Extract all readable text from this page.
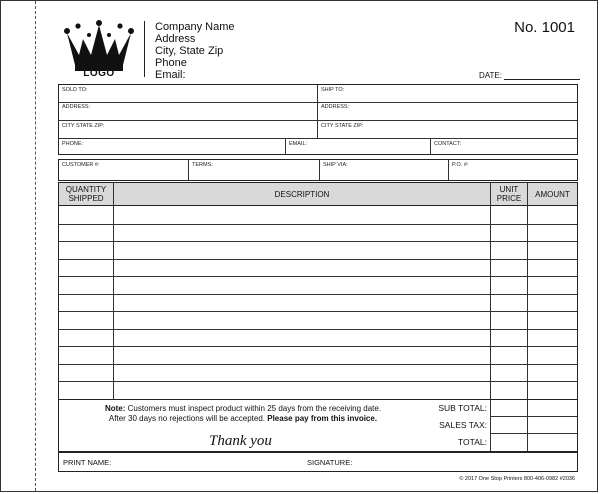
LOGO
Company Name
Address
City, State Zip
Phone
Email:
No. 1001
DATE:
SOLD TO:	SHIP TO:
ADDRESS:	ADDRESS:
CITY STATE ZIP:	CITY STATE ZIP:
PHONE:	EMAIL:	CONTACT:
CUSTOMER #:	TERMS:	SHIP VIA:	P.O. #:
QUANTITY SHIPPED	DESCRIPTION	UNIT PRICE	AMOUNT
Note: Customers must inspect product within 25 days from the receiving date.
After 30 days no rejections will be accepted. Please pay from this invoice.
Thank you
SUB TOTAL:
SALES TAX:
TOTAL:
PRINT NAME:	SIGNATURE:
© 2017 One Stop Printers 800-406-0982 #2036
